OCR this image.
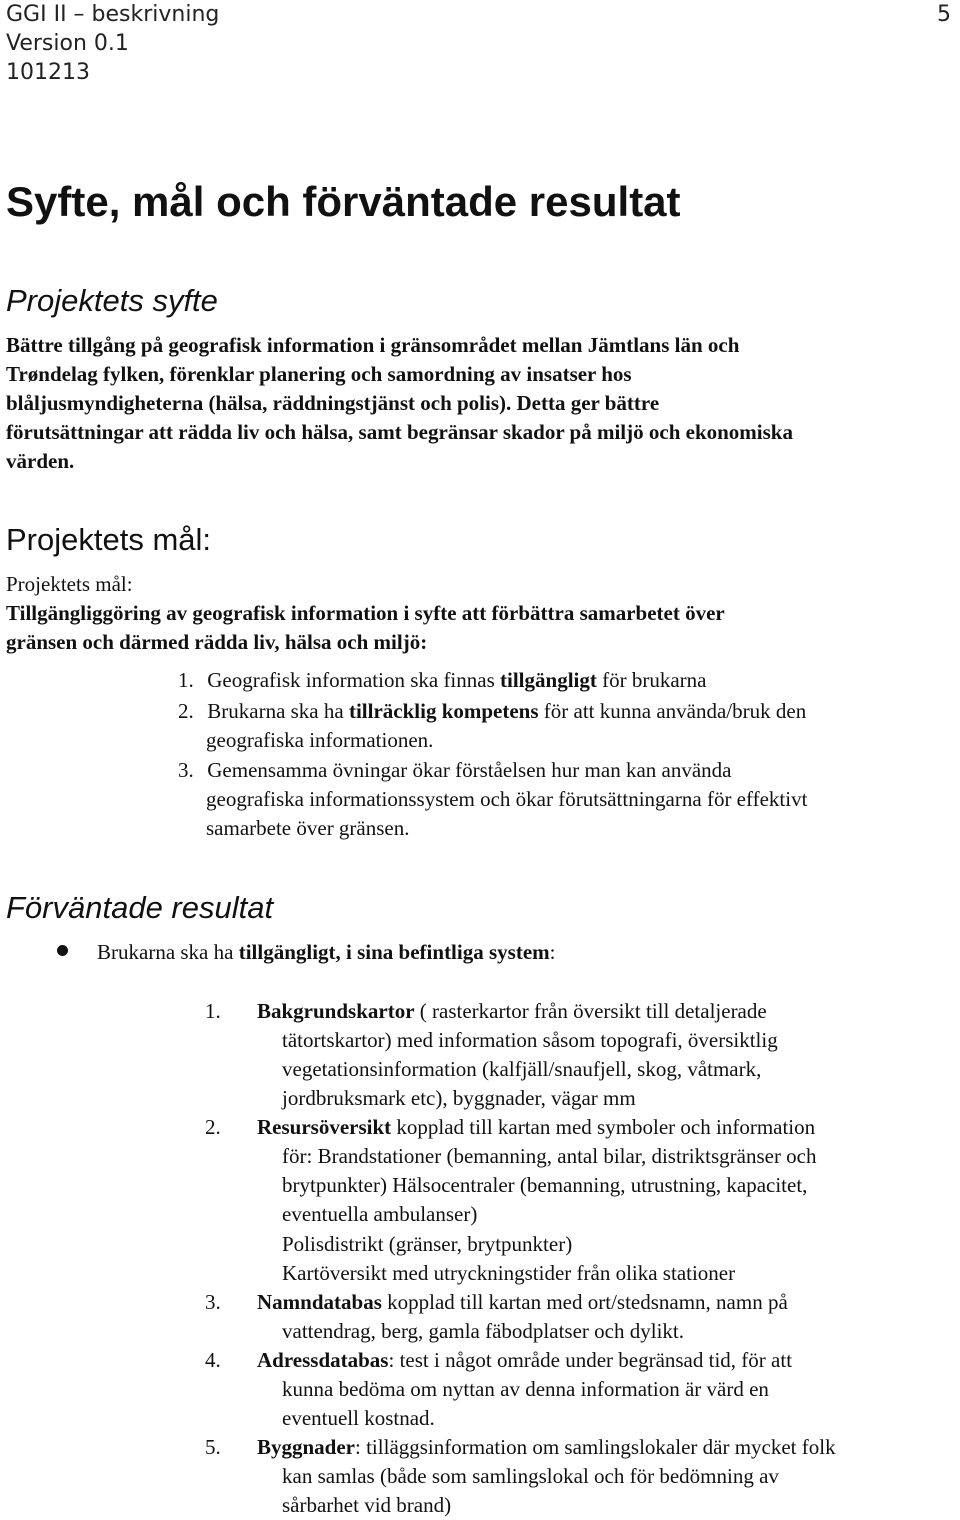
GGI II – beskrivning
Version 0.1
101213
5
Syfte, mål och förväntade resultat
Projektets syfte
Bättre tillgång på geografisk information i gränsområdet mellan Jämtlans län och
Trøndelag fylken, förenklar planering och samordning av insatser hos
blåljusmyndigheterna (hälsa, räddningstjänst och polis). Detta ger bättre
förutsättningar att rädda liv och hälsa, samt begränsar skador på miljö och ekonomiska
värden.
Projektets mål:
Projektets mål:
Tillgängliggöring av geografisk information i syfte att förbättra samarbetet över
gränsen och därmed rädda liv, hälsa och miljö:
1. Geografisk information ska finnas tillgängligt för brukarna
2. Brukarna ska ha tillräcklig kompetens för att kunna använda/bruk den
geografiska informationen.
3. Gemensamma övningar ökar förståelsen hur man kan använda
geografiska informationssystem och ökar förutsättningarna för effektivt
samarbete över gränsen.
Förväntade resultat
Brukarna ska ha tillgängligt, i sina befintliga system:
1. Bakgrundskartor ( rasterkartor från översikt till detaljerade
tätortskartor) med information såsom topografi, översiktlig
vegetationsinformation (kalfjäll/snaufjell, skog, våtmark,
jordbruksmark etc), byggnader, vägar mm
2. Resursöversikt kopplad till kartan med symboler och information
för: Brandstationer (bemanning, antal bilar, distriktsgränser och
brytpunkter) Hälsocentraler (bemanning, utrustning, kapacitet,
eventuella ambulanser)
Polisdistrikt (gränser, brytpunkter)
Kartöversikt med utryckningstider från olika stationer
3. Namndatabas kopplad till kartan med ort/stedsnamn, namn på
vattendrag, berg, gamla fäbodplatser och dylikt.
4. Adressdatabas: test i något område under begränsad tid, för att
kunna bedöma om nyttan av denna information är värd en
eventuell kostnad.
5. Byggnader: tilläggsinformation om samlingslokaler där mycket folk
kan samlas (både som samlingslokal och för bedömning av
sårbarhet vid brand)
